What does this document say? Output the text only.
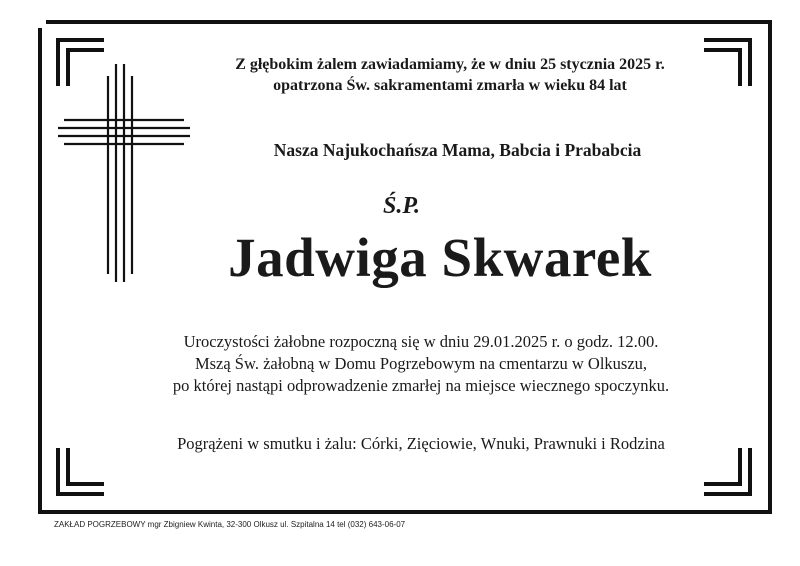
Z głębokim żalem zawiadamiamy, że w dniu 25 stycznia 2025 r.
opatrzona Św. sakramentami zmarła w wieku 84 lat
Nasza Najukochańsza Mama, Babcia i Prababcia
Ś.P.
Jadwiga Skwarek
Uroczystości żałobne rozpoczną się w dniu 29.01.2025 r. o godz. 12.00.
Mszą Św. żałobną w Domu Pogrzebowym na cmentarzu w Olkuszu,
po której nastąpi odprowadzenie zmarłej na miejsce wiecznego spoczynku.
Pogrążeni w smutku i żalu: Córki, Zięciowie, Wnuki, Prawnuki i Rodzina
ZAKŁAD POGRZEBOWY mgr Zbigniew Kwinta, 32-300 Olkusz ul. Szpitalna 14 tel (032) 643-06-07
